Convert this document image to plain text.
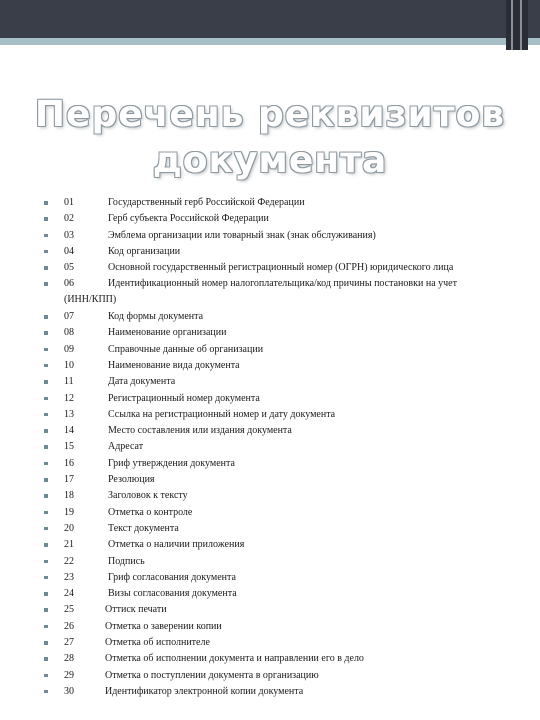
Перечень реквизитов
документа
01	Государственный герб Российской Федерации
02	Герб субъекта Российской Федерации
03	Эмблема организации или товарный знак (знак обслуживания)
04	Код организации
05	Основной государственный регистрационный номер (ОГРН) юридического лица
06	Идентификационный номер налогоплательщика/код причины постановки на учет
(ИНН/КПП)
07	Код формы документа
08	Наименование организации
09	Справочные данные об организации
10	Наименование вида документа
11	Дата документа
12	Регистрационный номер документа
13	Ссылка на регистрационный номер и дату документа
14	Место составления или издания документа
15	Адресат
16	Гриф утверждения документа
17	Резолюция
18	Заголовок к тексту
19	Отметка о контроле
20	Текст документа
21	Отметка о наличии приложения
22	Подпись
23	Гриф согласования документа
24	Визы согласования документа
25	Оттиск печати
26	Отметка о заверении копии
27	Отметка об исполнителе
28	Отметка об исполнении документа и направлении его в дело
29	Отметка о поступлении документа в организацию
30	Идентификатор электронной копии документа
